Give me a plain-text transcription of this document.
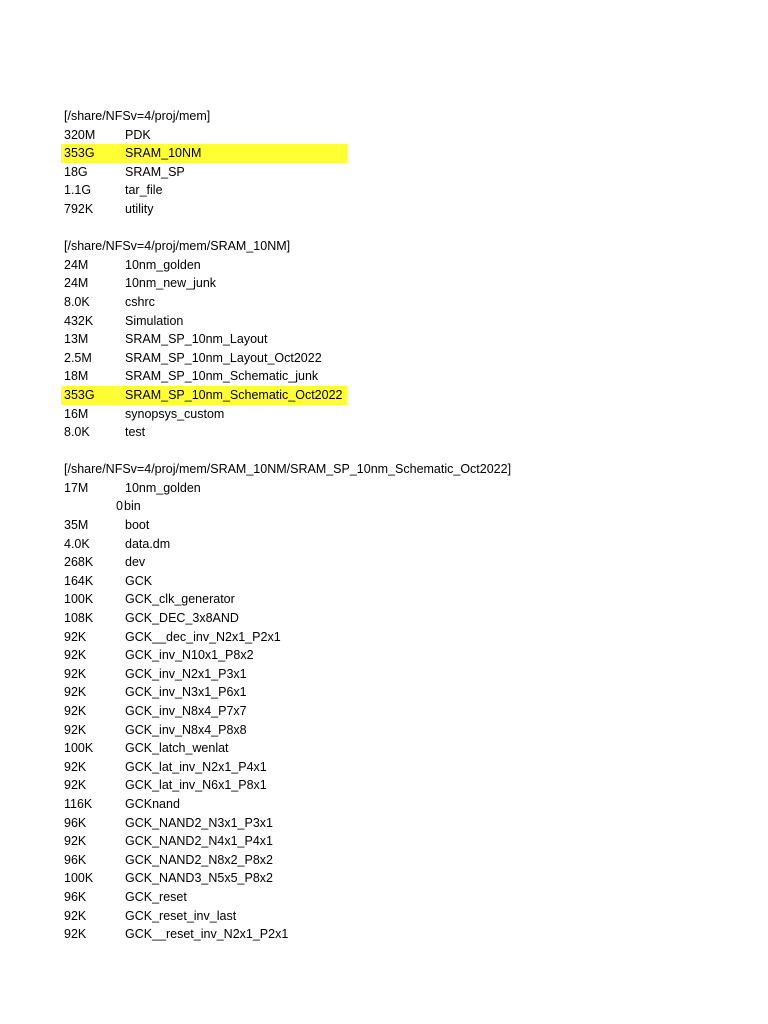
[/share/NFSv=4/proj/mem]
320M PDK
353G SRAM_10NM
18G	SRAM_SP
1.1G	tar_file
792K	utility
[/share/NFSv=4/proj/mem/SRAM_10NM]
24M	10nm_golden
24M	10nm_new_junk
8.0K	cshrc
432K	Simulation
13M	SRAM_SP_10nm_Layout
2.5M	SRAM_SP_10nm_Layout_Oct2022
18M	SRAM_SP_10nm_Schematic_junk
353G SRAM_SP_10nm_Schematic_Oct2022
16M	synopsys_custom
8.0K	test
[/share/NFSv=4/proj/mem/SRAM_10NM/SRAM_SP_10nm_Schematic_Oct2022]
17M	10nm_golden
0 bin
35M	boot
4.0K	data.dm
268K	dev
164K	GCK
100K	GCK_clk_generator
108K	GCK_DEC_3x8AND
92K	GCK__dec_inv_N2x1_P2x1
92K	GCK_inv_N10x1_P8x2
92K	GCK_inv_N2x1_P3x1
92K	GCK_inv_N3x1_P6x1
92K	GCK_inv_N8x4_P7x7
92K	GCK_inv_N8x4_P8x8
100K	GCK_latch_wenlat
92K	GCK_lat_inv_N2x1_P4x1
92K	GCK_lat_inv_N6x1_P8x1
116K	GCKnand
96K	GCK_NAND2_N3x1_P3x1
92K	GCK_NAND2_N4x1_P4x1
96K	GCK_NAND2_N8x2_P8x2
100K	GCK_NAND3_N5x5_P8x2
96K	GCK_reset
92K	GCK_reset_inv_last
92K	GCK__reset_inv_N2x1_P2x1
